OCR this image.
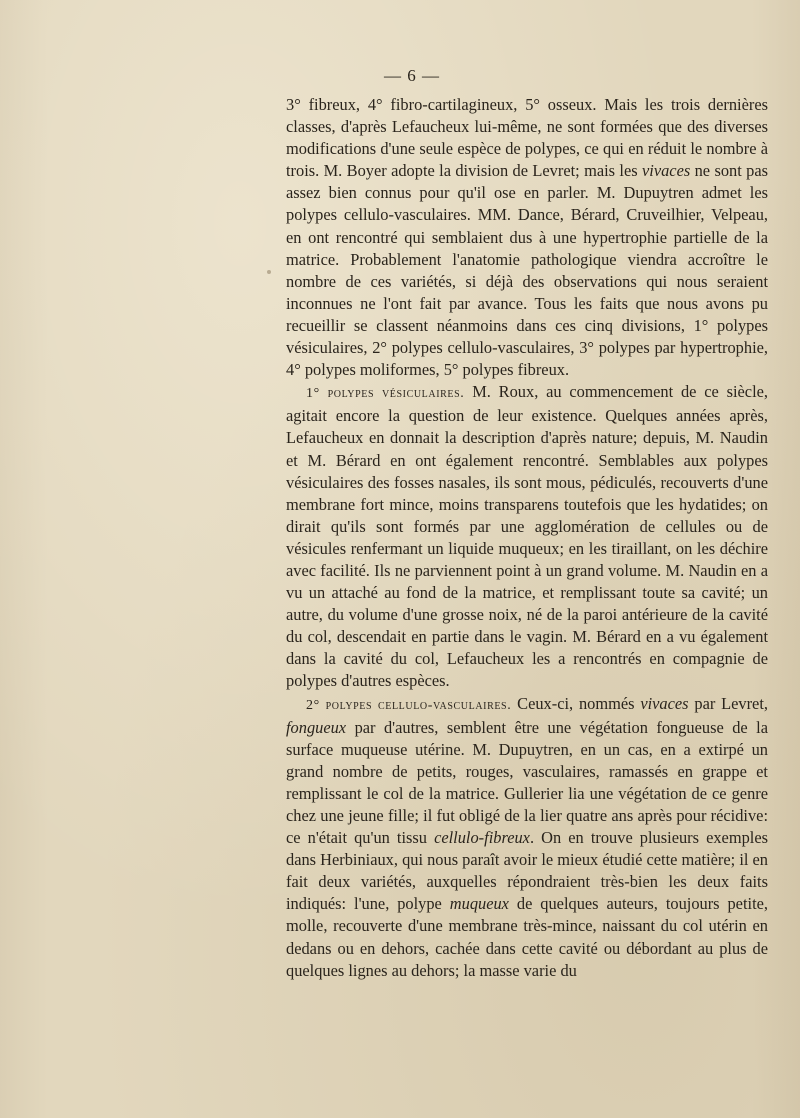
— 6 —

3° fibreux, 4° fibro-cartilagineux, 5° osseux. Mais les trois dernières classes, d'après Lefaucheux lui-même, ne sont formées que des diverses modifications d'une seule espèce de polypes, ce qui en réduit le nombre à trois. M. Boyer adopte la division de Levret; mais les vivaces ne sont pas assez bien connus pour qu'il ose en parler. M. Dupuytren admet les polypes cellulo-vasculaires. MM. Dance, Bérard, Cruveilhier, Velpeau, en ont rencontré qui semblaient dus à une hypertrophie partielle de la matrice. Probablement l'anatomie pathologique viendra accroître le nombre de ces variétés, si déjà des observations qui nous seraient inconnues ne l'ont fait par avance. Tous les faits que nous avons pu recueillir se classent néanmoins dans ces cinq divisions, 1° polypes vésiculaires, 2° polypes cellulo-vasculaires, 3° polypes par hypertrophie, 4° polypes moliformes, 5° polypes fibreux.

1° polypes vésiculaires. M. Roux, au commencement de ce siècle, agitait encore la question de leur existence. Quelques années après, Lefaucheux en donnait la description d'après nature; depuis, M. Naudin et M. Bérard en ont également rencontré. Semblables aux polypes vésiculaires des fosses nasales, ils sont mous, pédiculés, recouverts d'une membrane fort mince, moins transparens toutefois que les hydatides; on dirait qu'ils sont formés par une agglomération de cellules ou de vésicules renfermant un liquide muqueux; en les tiraillant, on les déchire avec facilité. Ils ne parviennent point à un grand volume. M. Naudin en a vu un attaché au fond de la matrice, et remplissant toute sa cavité; un autre, du volume d'une grosse noix, né de la paroi antérieure de la cavité du col, descendait en partie dans le vagin. M. Bérard en a vu également dans la cavité du col, Lefaucheux les a rencontrés en compagnie de polypes d'autres espèces.

2° polypes cellulo-vasculaires. Ceux-ci, nommés vivaces par Levret, fongueux par d'autres, semblent être une végétation fongueuse de la surface muqueuse utérine. M. Dupuytren, en un cas, en a extirpé un grand nombre de petits, rouges, vasculaires, ramassés en grappe et remplissant le col de la matrice. Gullerier lia une végétation de ce genre chez une jeune fille; il fut obligé de la lier quatre ans après pour récidive: ce n'était qu'un tissu cellulo-fibreux. On en trouve plusieurs exemples dans Herbiniaux, qui nous paraît avoir le mieux étudié cette matière; il en fait deux variétés, auxquelles répondraient très-bien les deux faits indiqués: l'une, polype muqueux de quelques auteurs, toujours petite, molle, recouverte d'une membrane très-mince, naissant du col utérin en dedans ou en dehors, cachée dans cette cavité ou débordant au plus de quelques lignes au dehors; la masse varie du
